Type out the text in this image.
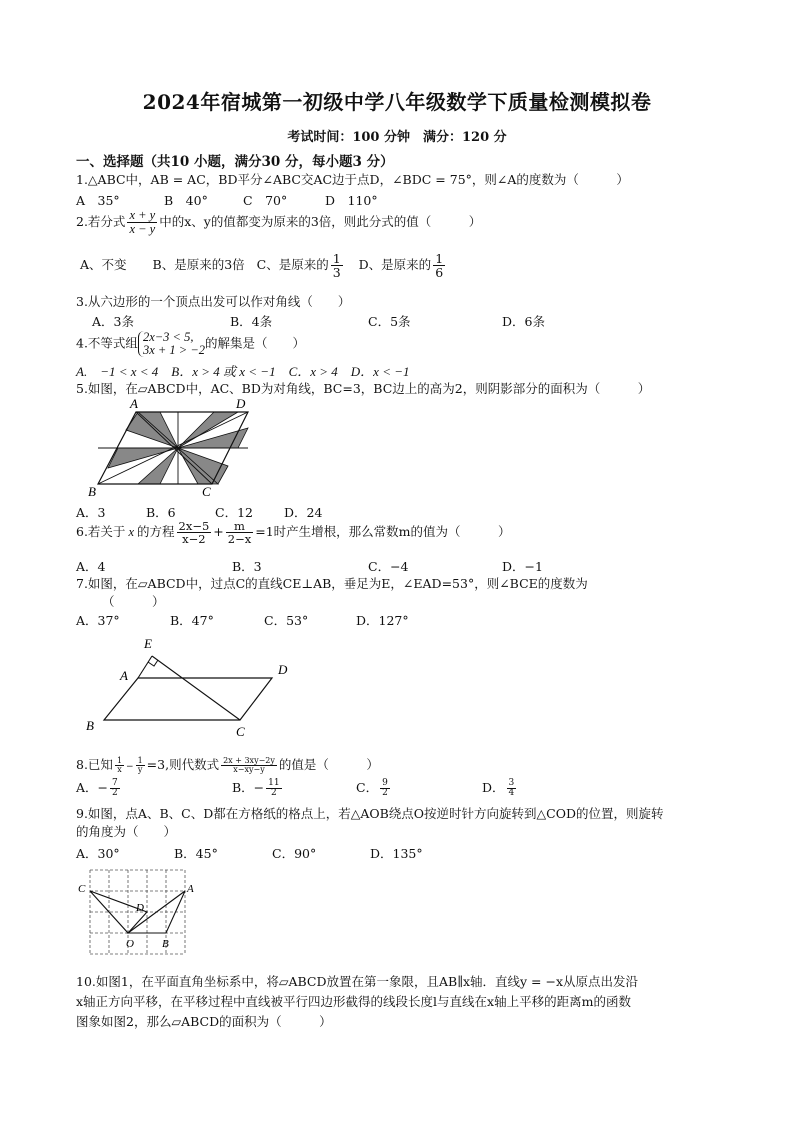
2024年宿城第一初级中学八年级数学下质量检测模拟卷
考试时间：100 分钟　满分：120 分
一、选择题（共10 小题，满分30 分，每小题3 分）
1.△ABC中，AB = AC，BD平分∠ABC交AC边于点D，∠BDC = 75°，则∠A的度数为（　　　）
A　35°	B　40°	C　70°	D　110°
2.若分式 $\frac{x + y}{x - y}$ 中的x、y的值都变为原来的3倍，则此分式的值（　　　）
A、不变 B、是原来的3倍 C、是原来的 $\frac{1}{3}$ D、是原来的 $\frac{1}{6}$
3.从六边形的一个顶点出发可以作对角线（　　）
A．3条	B．4条	C．5条	D．6条
4.不等式组 2x−3 < 5,
3x + 1 > −2 的解集是（　　）
A.　−1 < x < 4　B．x > 4 或 x < −1　C．x > 4　D．x < −1
5.如图，在▱ABCD中，AC、BD为对角线，BC=3，BC边上的高为2，则阴影部分的面积为（　　　）
A	D
B	C
A．3	B．6	C．12 D．24
6.若关于 x 的方程 $\frac{2x-5}{x-2} + \frac{m}{2-x} =1$时产生增根，那么常数m的值为（　　　）
A．4	B．3	C．−4	D．−1
7.如图，在▱ABCD中，过点C的直线CE⊥AB，垂足为E，∠EAD=53°，则∠BCE的度数为
（　　　）
A．37°	B．47°	C．53°	D．127°
E
A	D
B	C
8.已知 $\frac{1}{x} - \frac{1}{y} =3$,则代数式 $\frac{2x + 3xy-2y}{x-xy-y}$ 的值是（　　　）
A．− $\frac{7}{2}$	B．− $\frac{11}{2}$	C． $\frac{9}{2}$	D． $\frac{3}{4}$
9.如图，点A、B、C、D都在方格纸的格点上，若△AOB绕点O按逆时针方向旋转到△COD的位置，则旋转
的角度为（　　）
A．30°	B．45°	C．90°	D．135°
C	A
D
O	B
10.如图1，在平面直角坐标系中，将▱ABCD放置在第一象限，且AB∥x轴．直线y = −x从原点出发沿
x轴正方向平移，在平移过程中直线被平行四边形截得的线段长度l与直线在x轴上平移的距离m的函数
图象如图2，那么▱ABCD的面积为（　　　）
